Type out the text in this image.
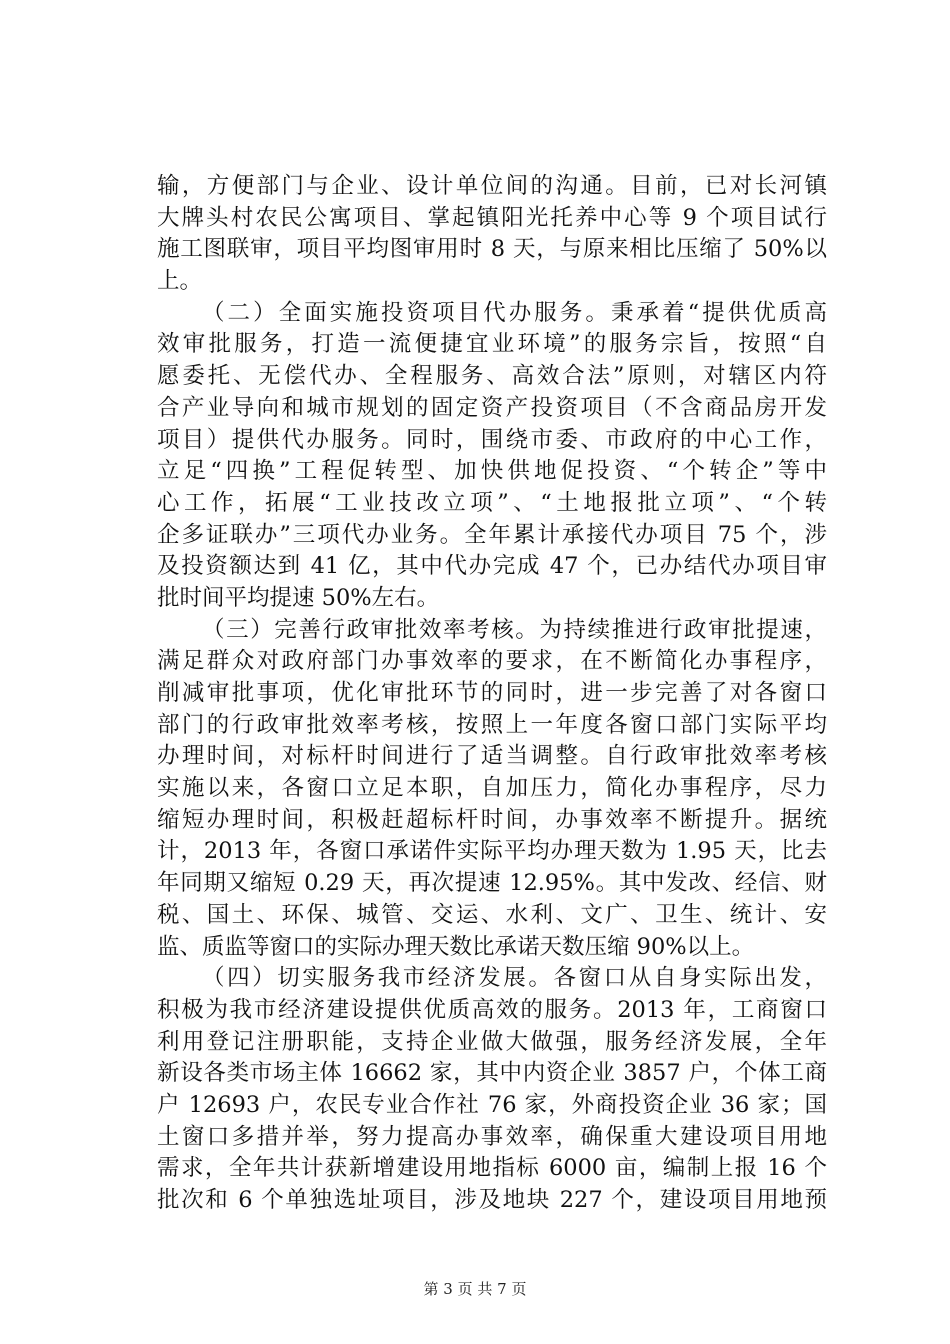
输，方便部门与企业、设计单位间的沟通。目前，已对长河镇
大牌头村农民公寓项目、掌起镇阳光托养中心等 9 个项目试行
施工图联审，项目平均图审用时 8 天，与原来相比压缩了 50%以
上。
（二）全面实施投资项目代办服务。秉承着“提供优质高
效审批服务，打造一流便捷宜业环境”的服务宗旨，按照“自
愿委托、无偿代办、全程服务、高效合法”原则，对辖区内符
合产业导向和城市规划的固定资产投资项目（不含商品房开发
项目）提供代办服务。同时，围绕市委、市政府的中心工作，
立足“四换”工程促转型、加快供地促投资、“个转企”等中
心工作，拓展“工业技改立项”、“土地报批立项”、“个转
企多证联办”三项代办业务。全年累计承接代办项目 75 个，涉
及投资额达到 41 亿，其中代办完成 47 个，已办结代办项目审
批时间平均提速 50%左右。
（三）完善行政审批效率考核。为持续推进行政审批提速，
满足群众对政府部门办事效率的要求，在不断简化办事程序，
削减审批事项，优化审批环节的同时，进一步完善了对各窗口
部门的行政审批效率考核，按照上一年度各窗口部门实际平均
办理时间，对标杆时间进行了适当调整。自行政审批效率考核
实施以来，各窗口立足本职，自加压力，简化办事程序，尽力
缩短办理时间，积极赶超标杆时间，办事效率不断提升。据统
计，2013 年，各窗口承诺件实际平均办理天数为 1.95 天，比去
年同期又缩短 0.29 天，再次提速 12.95%。其中发改、经信、财
税、国土、环保、城管、交运、水利、文广、卫生、统计、安
监、质监等窗口的实际办理天数比承诺天数压缩 90%以上。
（四）切实服务我市经济发展。各窗口从自身实际出发，
积极为我市经济建设提供优质高效的服务。2013 年，工商窗口
利用登记注册职能，支持企业做大做强，服务经济发展，全年
新设各类市场主体 16662 家，其中内资企业 3857 户，个体工商
户 12693 户，农民专业合作社 76 家，外商投资企业 36 家；国
土窗口多措并举，努力提高办事效率，确保重大建设项目用地
需求，全年共计获新增建设用地指标 6000 亩，编制上报 16 个
批次和 6 个单独选址项目，涉及地块 227 个，建设项目用地预
第 3 页 共 7 页
